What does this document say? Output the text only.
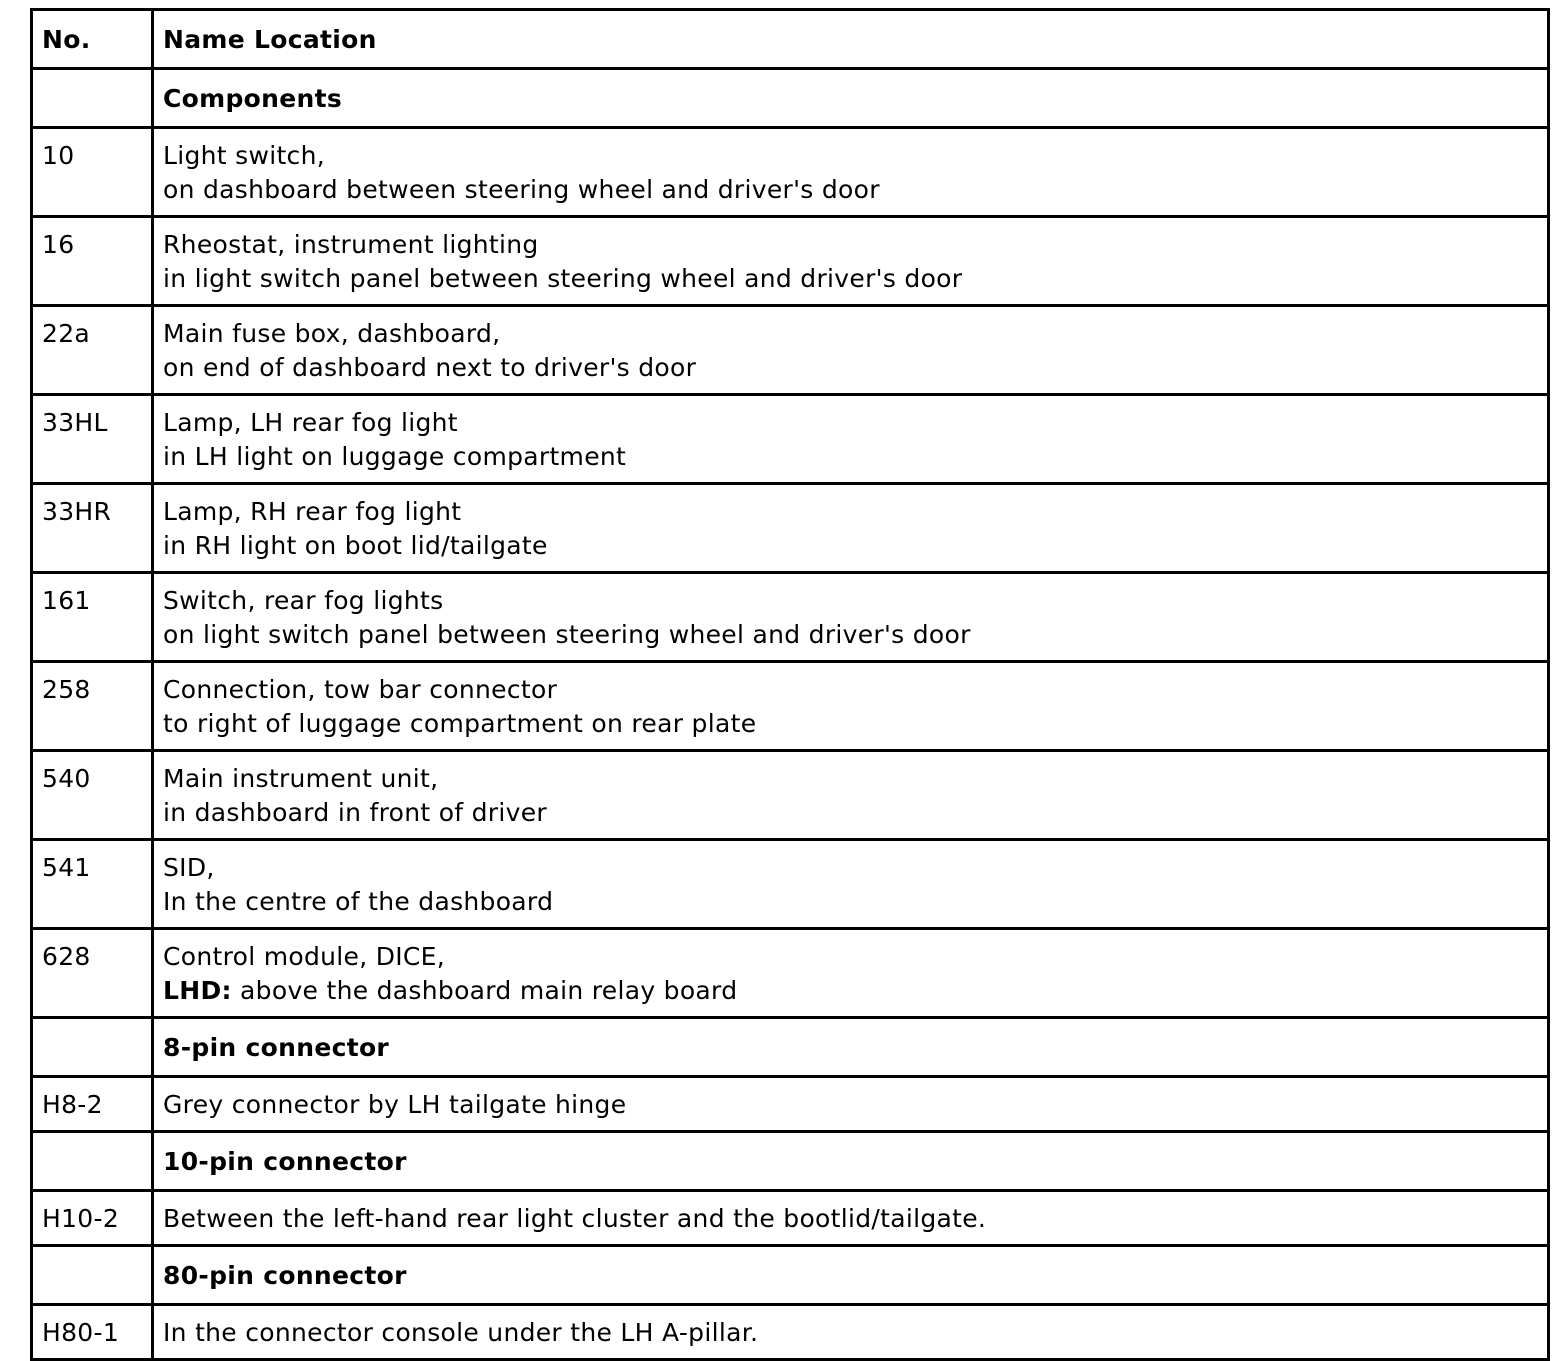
No.	Name Location
	Components
10	Light switch,
on dashboard between steering wheel and driver's door

16	Rheostat, instrument lighting
in light switch panel between steering wheel and driver's door

22a	Main fuse box, dashboard,
on end of dashboard next to driver's door

33HL	Lamp, LH rear fog light
in LH light on luggage compartment

33HR	Lamp, RH rear fog light
in RH light on boot lid/tailgate

161	Switch, rear fog lights
on light switch panel between steering wheel and driver's door

258	Connection, tow bar connector
to right of luggage compartment on rear plate

540	Main instrument unit,
in dashboard in front of driver

541	SID,
In the centre of the dashboard

628	Control module, DICE,
LHD: above the dashboard main relay board

	8-pin connector
H8-2	Grey connector by LH tailgate hinge

	10-pin connector
H10-2	Between the left-hand rear light cluster and the bootlid/tailgate.

	80-pin connector
H80-1	In the connector console under the LH A-pillar.
